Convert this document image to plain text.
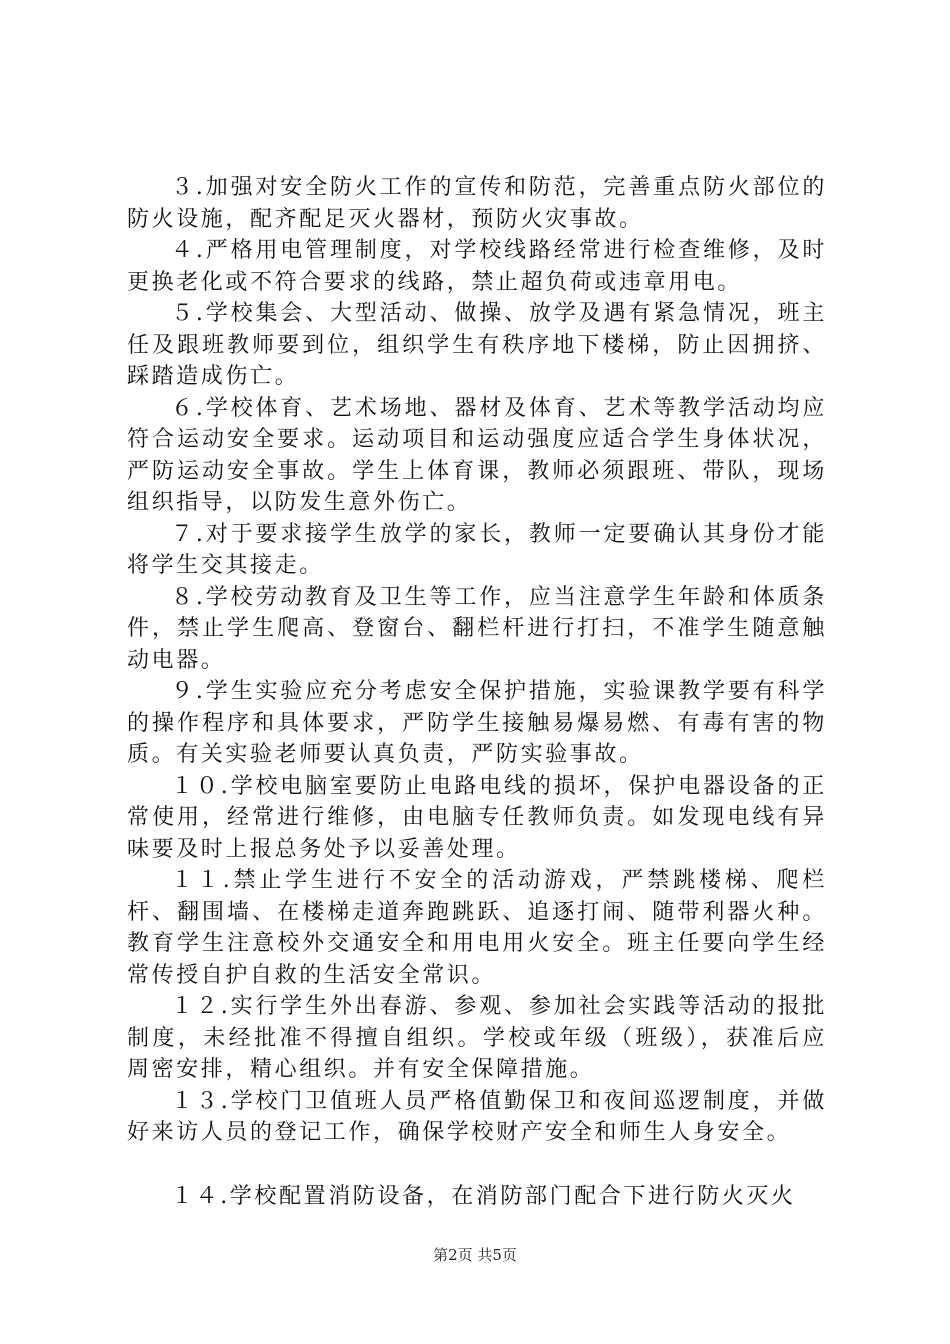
３.加强对安全防火工作的宣传和防范，完善重点防火部位的防火设施，配齐配足灭火器材，预防火灾事故。

４.严格用电管理制度，对学校线路经常进行检查维修，及时更换老化或不符合要求的线路，禁止超负荷或违章用电。

５.学校集会、大型活动、做操、放学及遇有紧急情况，班主任及跟班教师要到位，组织学生有秩序地下楼梯，防止因拥挤、踩踏造成伤亡。

６.学校体育、艺术场地、器材及体育、艺术等教学活动均应符合运动安全要求。运动项目和运动强度应适合学生身体状况，严防运动安全事故。学生上体育课，教师必须跟班、带队，现场组织指导，以防发生意外伤亡。

７.对于要求接学生放学的家长，教师一定要确认其身份才能将学生交其接走。

８.学校劳动教育及卫生等工作，应当注意学生年龄和体质条件，禁止学生爬高、登窗台、翻栏杆进行打扫，不准学生随意触动电器。

９.学生实验应充分考虑安全保护措施，实验课教学要有科学的操作程序和具体要求，严防学生接触易爆易燃、有毒有害的物质。有关实验老师要认真负责，严防实验事故。

１０.学校电脑室要防止电路电线的损坏，保护电器设备的正常使用，经常进行维修，由电脑专任教师负责。如发现电线有异味要及时上报总务处予以妥善处理。

１１.禁止学生进行不安全的活动游戏，严禁跳楼梯、爬栏杆、翻围墙、在楼梯走道奔跑跳跃、追逐打闹、随带利器火种。教育学生注意校外交通安全和用电用火安全。班主任要向学生经常传授自护自救的生活安全常识。

１２.实行学生外出春游、参观、参加社会实践等活动的报批制度，未经批准不得擅自组织。学校或年级（班级），获准后应周密安排，精心组织。并有安全保障措施。

１３.学校门卫值班人员严格值勤保卫和夜间巡逻制度，并做好来访人员的登记工作，确保学校财产安全和师生人身安全。

１４.学校配置消防设备，在消防部门配合下进行防火灭火

第2页 共5页
